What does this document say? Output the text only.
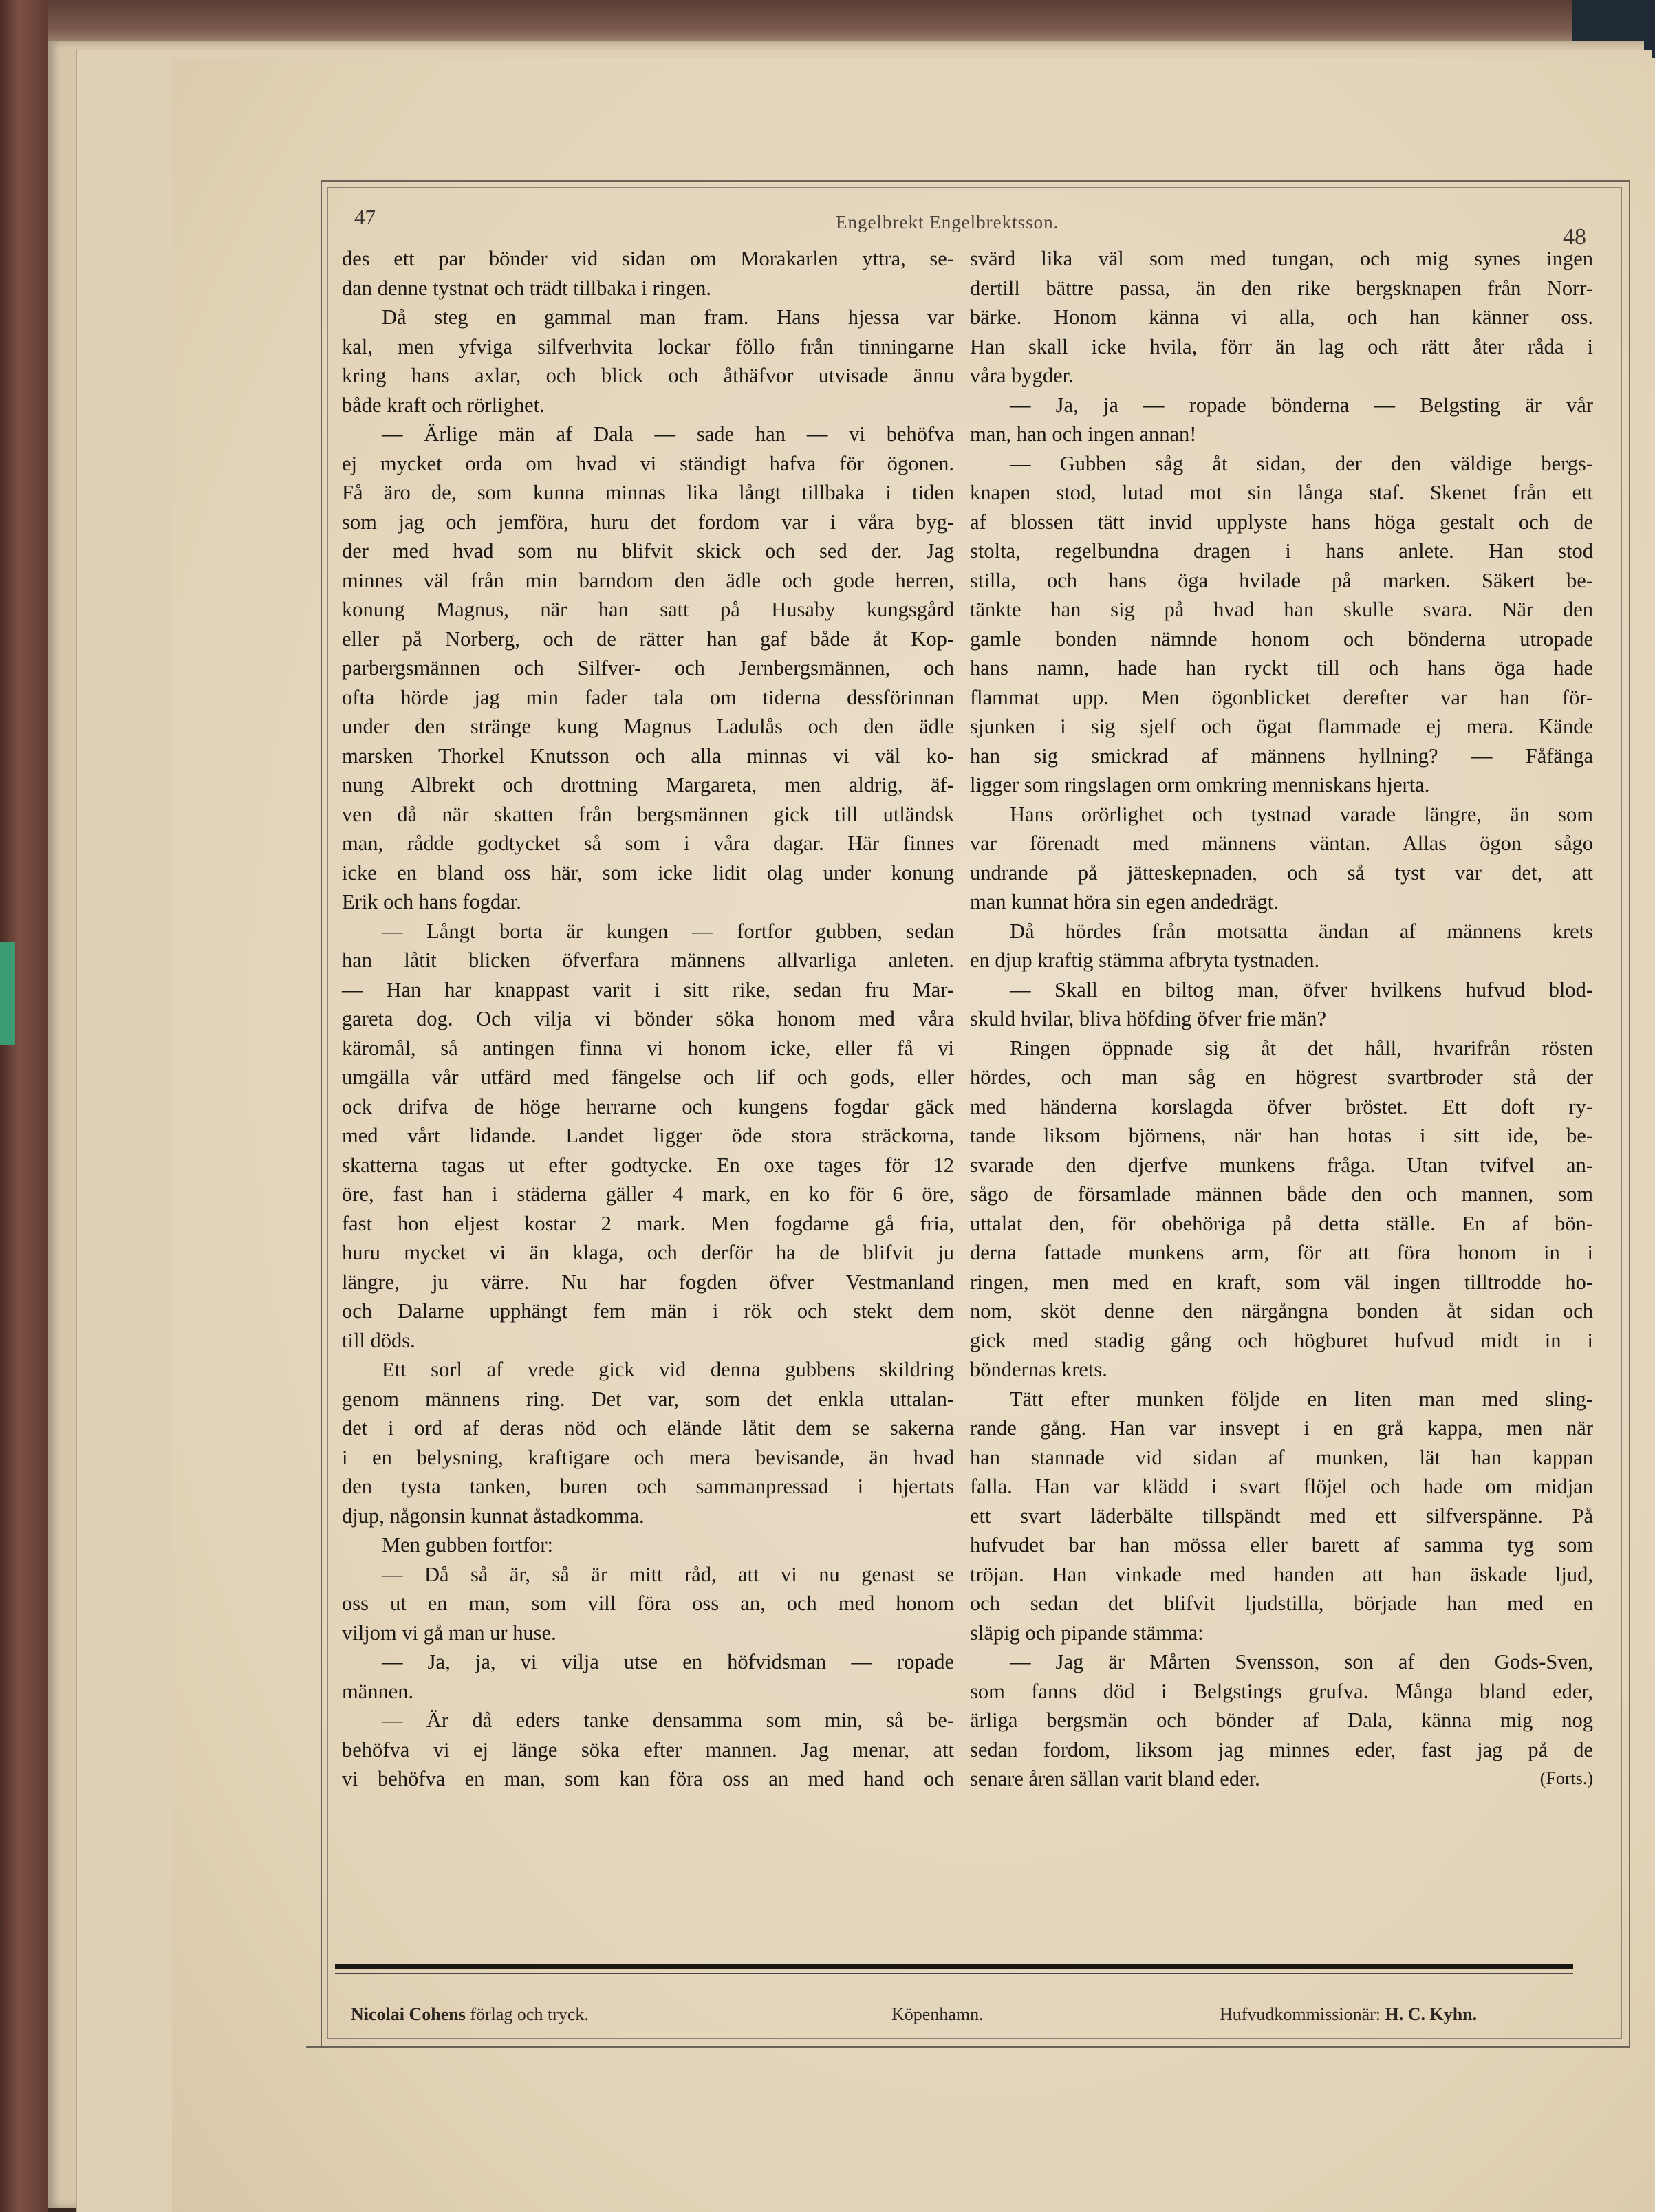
47	Engelbrekt Engelbrektsson.
48
des ett par bönder vid sidan om Morakarlen yttra, se-
dan denne tystnat och trädt tillbaka i ringen.
Då steg en gammal man fram. Hans hjessa var
kal, men yfviga silfverhvita lockar föllo från tinningarne
kring hans axlar, och blick och åthäfvor utvisade ännu
både kraft och rörlighet.
— Ärlige män af Dala — sade han — vi behöfva
ej mycket orda om hvad vi ständigt hafva för ögonen.
Få äro de, som kunna minnas lika långt tillbaka i tiden
som jag och jemföra, huru det fordom var i våra byg-
der med hvad som nu blifvit skick och sed der. Jag
minnes väl från min barndom den ädle och gode herren,
konung Magnus, när han satt på Husaby kungsgård
eller på Norberg, och de rätter han gaf både åt Kop-
parbergsmännen och Silfver- och Jernbergsmännen, och
ofta hörde jag min fader tala om tiderna dessförinnan
under den stränge kung Magnus Ladulås och den ädle
marsken Thorkel Knutsson och alla minnas vi väl ko-
nung Albrekt och drottning Margareta, men aldrig, äf-
ven då när skatten från bergsmännen gick till utländsk
man, rådde godtycket så som i våra dagar. Här finnes
icke en bland oss här, som icke lidit olag under konung
Erik och hans fogdar.
— Långt borta är kungen — fortfor gubben, sedan
han låtit blicken öfverfara männens allvarliga anleten.
— Han har knappast varit i sitt rike, sedan fru Mar-
gareta dog. Och vilja vi bönder söka honom med våra
käromål, så antingen finna vi honom icke, eller få vi
umgälla vår utfärd med fängelse och lif och gods, eller
ock drifva de höge herrarne och kungens fogdar gäck
med vårt lidande. Landet ligger öde stora sträckorna,
skatterna tagas ut efter godtycke. En oxe tages för 12
öre, fast han i städerna gäller 4 mark, en ko för 6 öre,
fast hon eljest kostar 2 mark. Men fogdarne gå fria,
huru mycket vi än klaga, och derför ha de blifvit ju
längre, ju värre. Nu har fogden öfver Vestmanland
och Dalarne upphängt fem män i rök och stekt dem
till döds.
Ett sorl af vrede gick vid denna gubbens skildring
genom männens ring. Det var, som det enkla uttalan-
det i ord af deras nöd och elände låtit dem se sakerna
i en belysning, kraftigare och mera bevisande, än hvad
den tysta tanken, buren och sammanpressad i hjertats
djup, någonsin kunnat åstadkomma.
Men gubben fortfor:
— Då så är, så är mitt råd, att vi nu genast se
oss ut en man, som vill föra oss an, och med honom
viljom vi gå man ur huse.
— Ja, ja, vi vilja utse en höfvidsman — ropade
männen.
— Är då eders tanke densamma som min, så be-
behöfva vi ej länge söka efter mannen. Jag menar, att
vi behöfva en man, som kan föra oss an med hand och
svärd lika väl som med tungan, och mig synes ingen
dertill bättre passa, än den rike bergsknapen från Norr-
bärke. Honom känna vi alla, och han känner oss.
Han skall icke hvila, förr än lag och rätt åter råda i
våra bygder.
— Ja, ja — ropade bönderna — Belgsting är vår
man, han och ingen annan!
— Gubben såg åt sidan, der den väldige bergs-
knapen stod, lutad mot sin långa staf. Skenet från ett
af blossen tätt invid upplyste hans höga gestalt och de
stolta, regelbundna dragen i hans anlete. Han stod
stilla, och hans öga hvilade på marken. Säkert be-
tänkte han sig på hvad han skulle svara. När den
gamle bonden nämnde honom och bönderna utropade
hans namn, hade han ryckt till och hans öga hade
flammat upp. Men ögonblicket derefter var han för-
sjunken i sig sjelf och ögat flammade ej mera. Kände
han sig smickrad af männens hyllning? — Fåfänga
ligger som ringslagen orm omkring menniskans hjerta.
Hans orörlighet och tystnad varade längre, än som
var förenadt med männens väntan. Allas ögon sågo
undrande på jätteskepnaden, och så tyst var det, att
man kunnat höra sin egen andedrägt.
Då hördes från motsatta ändan af männens krets
en djup kraftig stämma afbryta tystnaden.
— Skall en biltog man, öfver hvilkens hufvud blod-
skuld hvilar, bliva höfding öfver frie män?
Ringen öppnade sig åt det håll, hvarifrån rösten
hördes, och man såg en högrest svartbroder stå der
med händerna korslagda öfver bröstet. Ett doft ry-
tande liksom björnens, när han hotas i sitt ide, be-
svarade den djerfve munkens fråga. Utan tvifvel an-
sågo de församlade männen både den och mannen, som
uttalat den, för obehöriga på detta ställe. En af bön-
derna fattade munkens arm, för att föra honom in i
ringen, men med en kraft, som väl ingen tilltrodde ho-
nom, sköt denne den närgångna bonden åt sidan och
gick med stadig gång och högburet hufvud midt in i
böndernas krets.
Tätt efter munken följde en liten man med sling-
rande gång. Han var insvept i en grå kappa, men när
han stannade vid sidan af munken, lät han kappan
falla. Han var klädd i svart flöjel och hade om midjan
ett svart läderbälte tillspändt med ett silfverspänne. På
hufvudet bar han mössa eller barett af samma tyg som
tröjan. Han vinkade med handen att han äskade ljud,
och sedan det blifvit ljudstilla, började han med en
släpig och pipande stämma:
— Jag är Mårten Svensson, son af den Gods-Sven,
som fanns död i Belgstings grufva. Många bland eder,
ärliga bergsmän och bönder af Dala, känna mig nog
sedan fordom, liksom jag minnes eder, fast jag på de
senare åren sällan varit bland eder.	(Forts.)
Nicolai Cohens förlag och tryck.	Köpenhamn.	Hufvudkommissionär: H. C. Kyhn.
